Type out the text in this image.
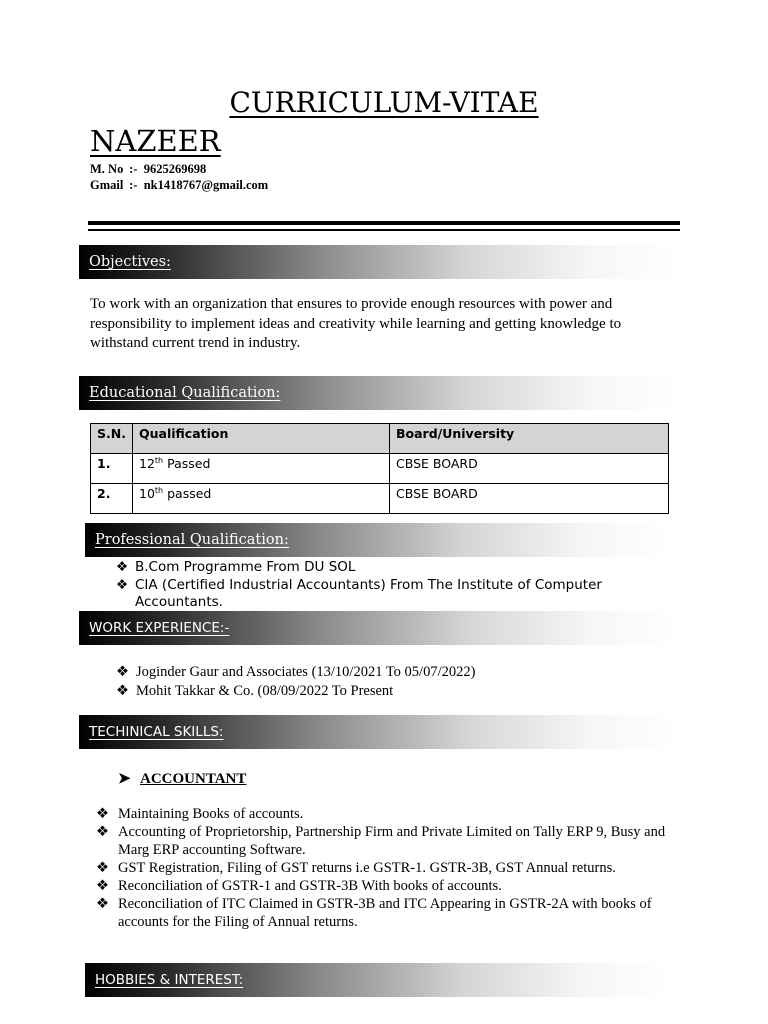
CURRICULUM-VITAE
NAZEER
M. No :- 9625269698
Gmail :- nk1418767@gmail.com
Objectives:
To work with an organization that ensures to provide enough resources with power and responsibility to implement ideas and creativity while learning and getting knowledge to withstand current trend in industry.
Educational Qualification:
S.N.	Qualification	Board/University
1.	12th Passed	CBSE BOARD
2.	10th passed	CBSE BOARD
Professional Qualification:
❖ B.Com Programme From DU SOL
❖ CIA (Certified Industrial Accountants) From The Institute of Computer Accountants.
WORK EXPERIENCE:-
❖ Joginder Gaur and Associates (13/10/2021 To 05/07/2022)
❖ Mohit Takkar & Co. (08/09/2022 To Present
TECHINICAL SKILLS:
➤ ACCOUNTANT
❖ Maintaining Books of accounts.
❖ Accounting of Proprietorship, Partnership Firm and Private Limited on Tally ERP 9, Busy and Marg ERP accounting Software.
❖ GST Registration, Filing of GST returns i.e GSTR-1. GSTR-3B, GST Annual returns.
❖ Reconciliation of GSTR-1 and GSTR-3B With books of accounts.
❖ Reconciliation of ITC Claimed in GSTR-3B and ITC Appearing in GSTR-2A with books of accounts for the Filing of Annual returns.
HOBBIES & INTEREST:
